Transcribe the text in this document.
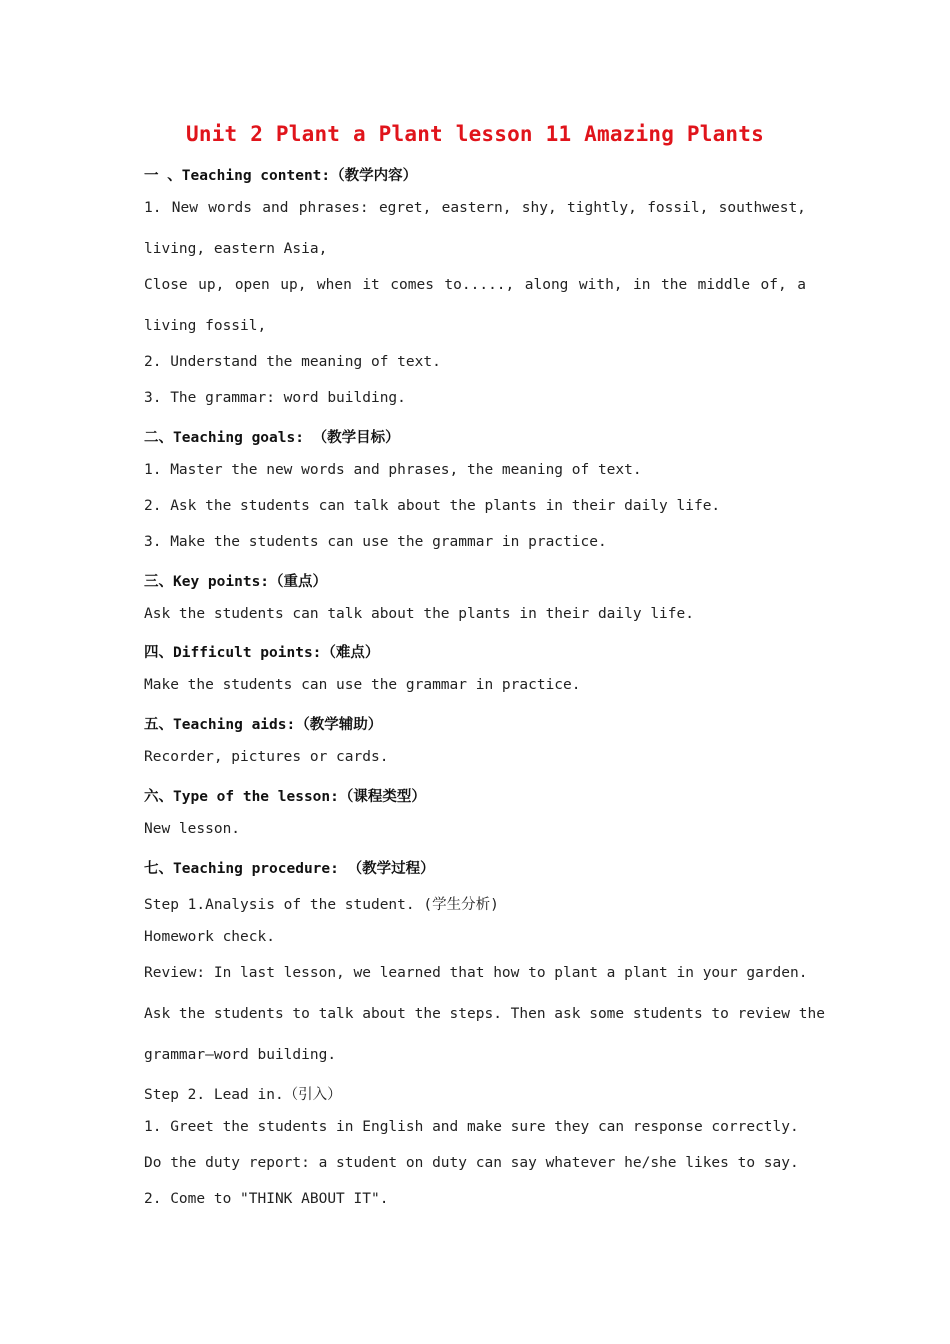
Unit 2 Plant a Plant lesson 11 Amazing Plants
一 、Teaching content:（教学内容）
1. New words and phrases: egret, eastern, shy, tightly, fossil, southwest,
living, eastern Asia,
Close up, open up, when it comes to....., along with, in the middle of, a
living fossil,
2. Understand the meaning of text.
3. The grammar: word building.
二、Teaching goals: （教学目标）
1. Master the new words and phrases, the meaning of text.
2. Ask the students can talk about the plants in their daily life.
3. Make the students can use the grammar in practice.
三、Key points:（重点）
Ask the students can talk about the plants in their daily life.
四、Difficult points:（难点）
Make the students can use the grammar in practice.
五、Teaching aids:（教学辅助）
Recorder, pictures or cards.
六、Type of the lesson:（课程类型）
New lesson.
七、Teaching procedure: （教学过程）
Step 1.Analysis of the student. (学生分析)
Homework check.
Review: In last lesson, we learned that how to plant a plant in your garden.
Ask the students to talk about the steps. Then ask some students to review the
grammar—word building.
Step 2. Lead in.（引入）
1. Greet the students in English and make sure they can response correctly.
Do the duty report: a student on duty can say whatever he/she likes to say.
2. Come to "THINK ABOUT IT".
